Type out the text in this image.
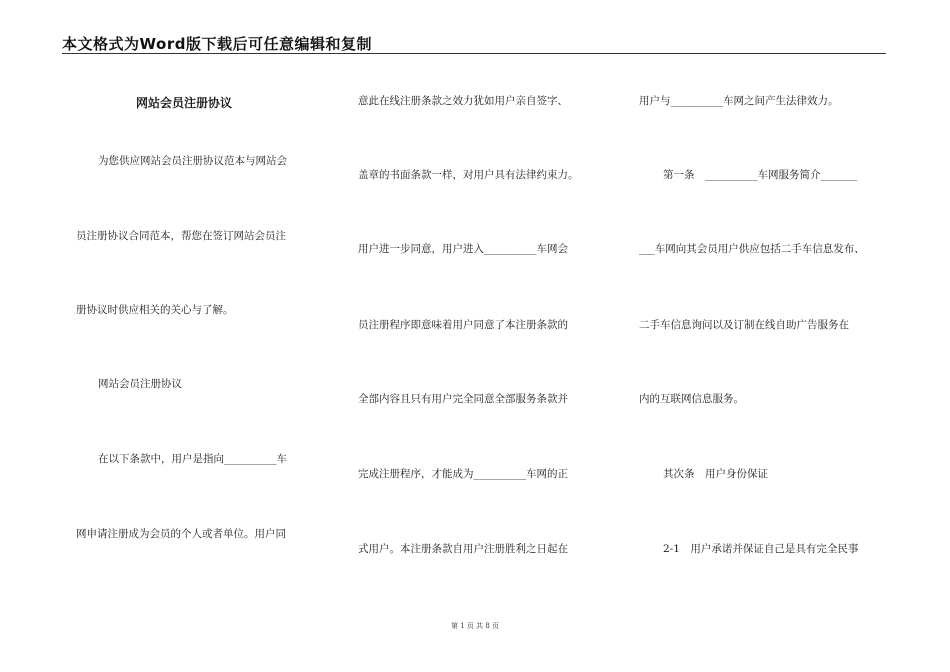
本文格式为Word版下载后可任意编辑和复制
网站会员注册协议
为您供应网站会员注册协议范本与网站会
员注册协议合同范本，帮您在签订网站会员注
册协议时供应相关的关心与了解。
网站会员注册协议
在以下条款中，用户是指向__________车
网申请注册成为会员的个人或者单位。用户同
意此在线注册条款之效力犹如用户亲自签字、
盖章的书面条款一样，对用户具有法律约束力。
用户进一步同意，用户进入__________车网会
员注册程序即意味着用户同意了本注册条款的
全部内容且只有用户完全同意全部服务条款并
完成注册程序，才能成为__________车网的正
式用户。本注册条款自用户注册胜利之日起在
用户与__________车网之间产生法律效力。
第一条　__________车网服务简介_______
___车网向其会员用户供应包括二手车信息发布、
二手车信息询问以及订制在线自助广告服务在
内的互联网信息服务。
其次条　用户身份保证
2-1　用户承诺并保证自己是具有完全民事
第 1 页 共 8 页
